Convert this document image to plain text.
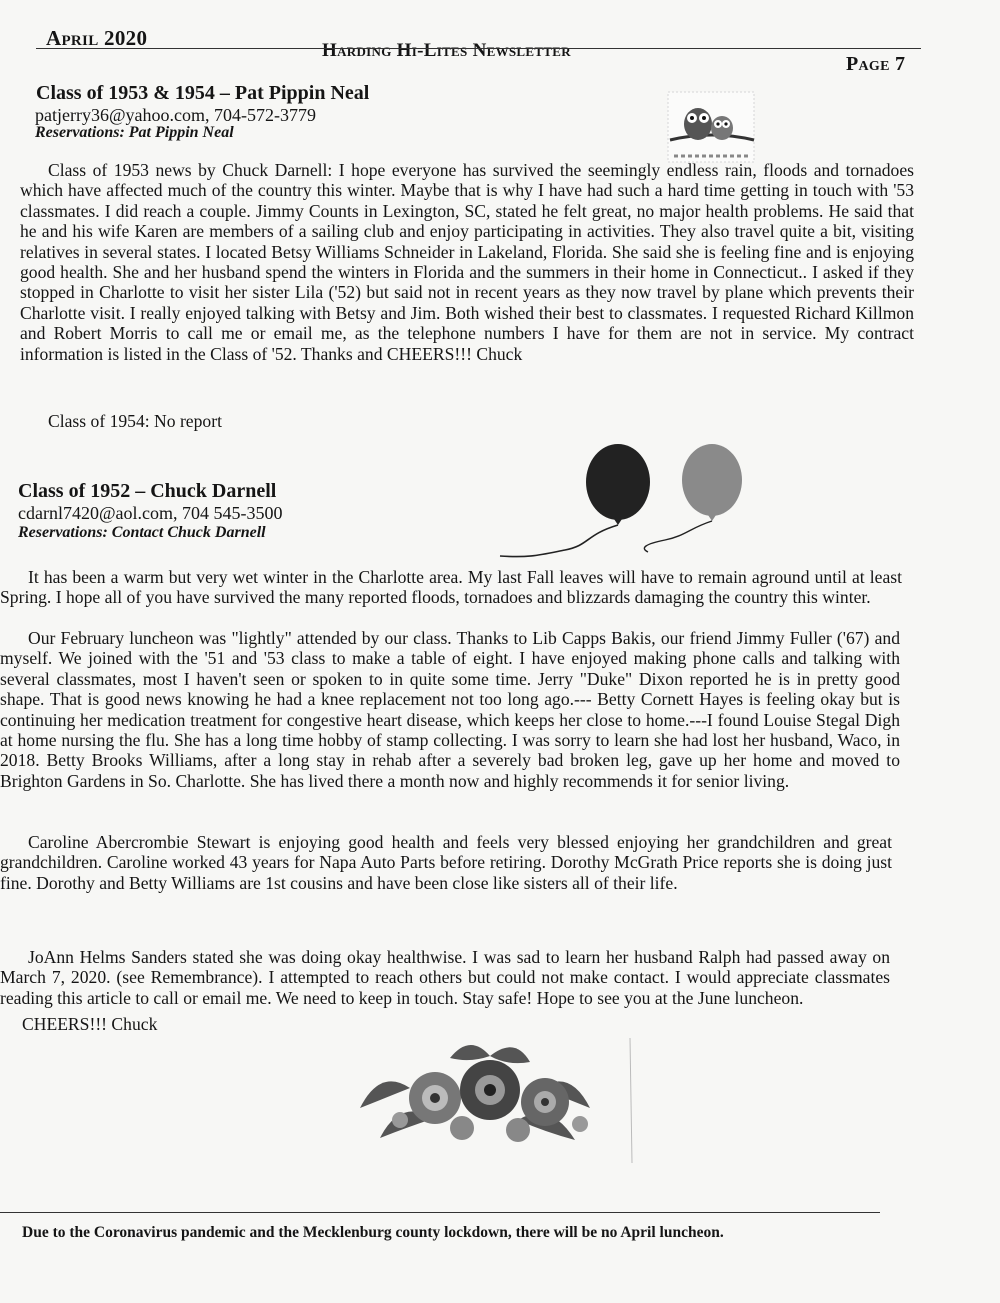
April 2020
Harding Hi-Lites Newsletter
Page 7
Class of 1953 & 1954 – Pat Pippin Neal
patjerry36@yahoo.com, 704-572-3779
Reservations: Pat Pippin Neal

Class of 1953 news by Chuck Darnell: I hope everyone has survived the seemingly endless rain, floods and tornadoes which have affected much of the country this winter. Maybe that is why I have had such a hard time getting in touch with '53 classmates. I did reach a couple. Jimmy Counts in Lexington, SC, stated he felt great, no major health problems. He said that he and his wife Karen are members of a sailing club and enjoy participating in activities. They also travel quite a bit, visiting relatives in several states. I located Betsy Williams Schneider in Lakeland, Florida. She said she is feeling fine and is enjoying good health. She and her husband spend the winters in Florida and the summers in their home in Connecticut.. I asked if they stopped in Charlotte to visit her sister Lila ('52) but said not in recent years as they now travel by plane which prevents their Charlotte visit. I really enjoyed talking with Betsy and Jim. Both wished their best to classmates. I requested Richard Killmon and Robert Morris to call me or email me, as the telephone numbers I have for them are not in service. My contract information is listed in the Class of '52. Thanks and CHEERS!!! Chuck

Class of 1954: No report
Class of 1952 – Chuck Darnell
cdarnl7420@aol.com, 704 545-3500
Reservations: Contact Chuck Darnell

It has been a warm but very wet winter in the Charlotte area. My last Fall leaves will have to remain aground until at least Spring. I hope all of you have survived the many reported floods, tornadoes and blizzards damaging the country this winter.

Our February luncheon was "lightly" attended by our class. Thanks to Lib Capps Bakis, our friend Jimmy Fuller ('67) and myself. We joined with the '51 and '53 class to make a table of eight. I have enjoyed making phone calls and talking with several classmates, most I haven't seen or spoken to in quite some time. Jerry "Duke" Dixon reported he is in pretty good shape. That is good news knowing he had a knee replacement not too long ago.--- Betty Cornett Hayes is feeling okay but is continuing her medication treatment for congestive heart disease, which keeps her close to home.---I found Louise Stegal Digh at home nursing the flu. She has a long time hobby of stamp collecting. I was sorry to learn she had lost her husband, Waco, in 2018. Betty Brooks Williams, after a long stay in rehab after a severely bad broken leg, gave up her home and moved to Brighton Gardens in So. Charlotte. She has lived there a month now and highly recommends it for senior living.

Caroline Abercrombie Stewart is enjoying good health and feels very blessed enjoying her grandchildren and great grandchildren. Caroline worked 43 years for Napa Auto Parts before retiring. Dorothy McGrath Price reports she is doing just fine. Dorothy and Betty Williams are 1st cousins and have been close like sisters all of their life.

JoAnn Helms Sanders stated she was doing okay healthwise. I was sad to learn her husband Ralph had passed away on March 7, 2020. (see Remembrance). I attempted to reach others but could not make contact. I would appreciate classmates reading this article to call or email me. We need to keep in touch. Stay safe! Hope to see you at the June luncheon.

CHEERS!!! Chuck
Due to the Coronavirus pandemic and the Mecklenburg county lockdown, there will be no April luncheon.
